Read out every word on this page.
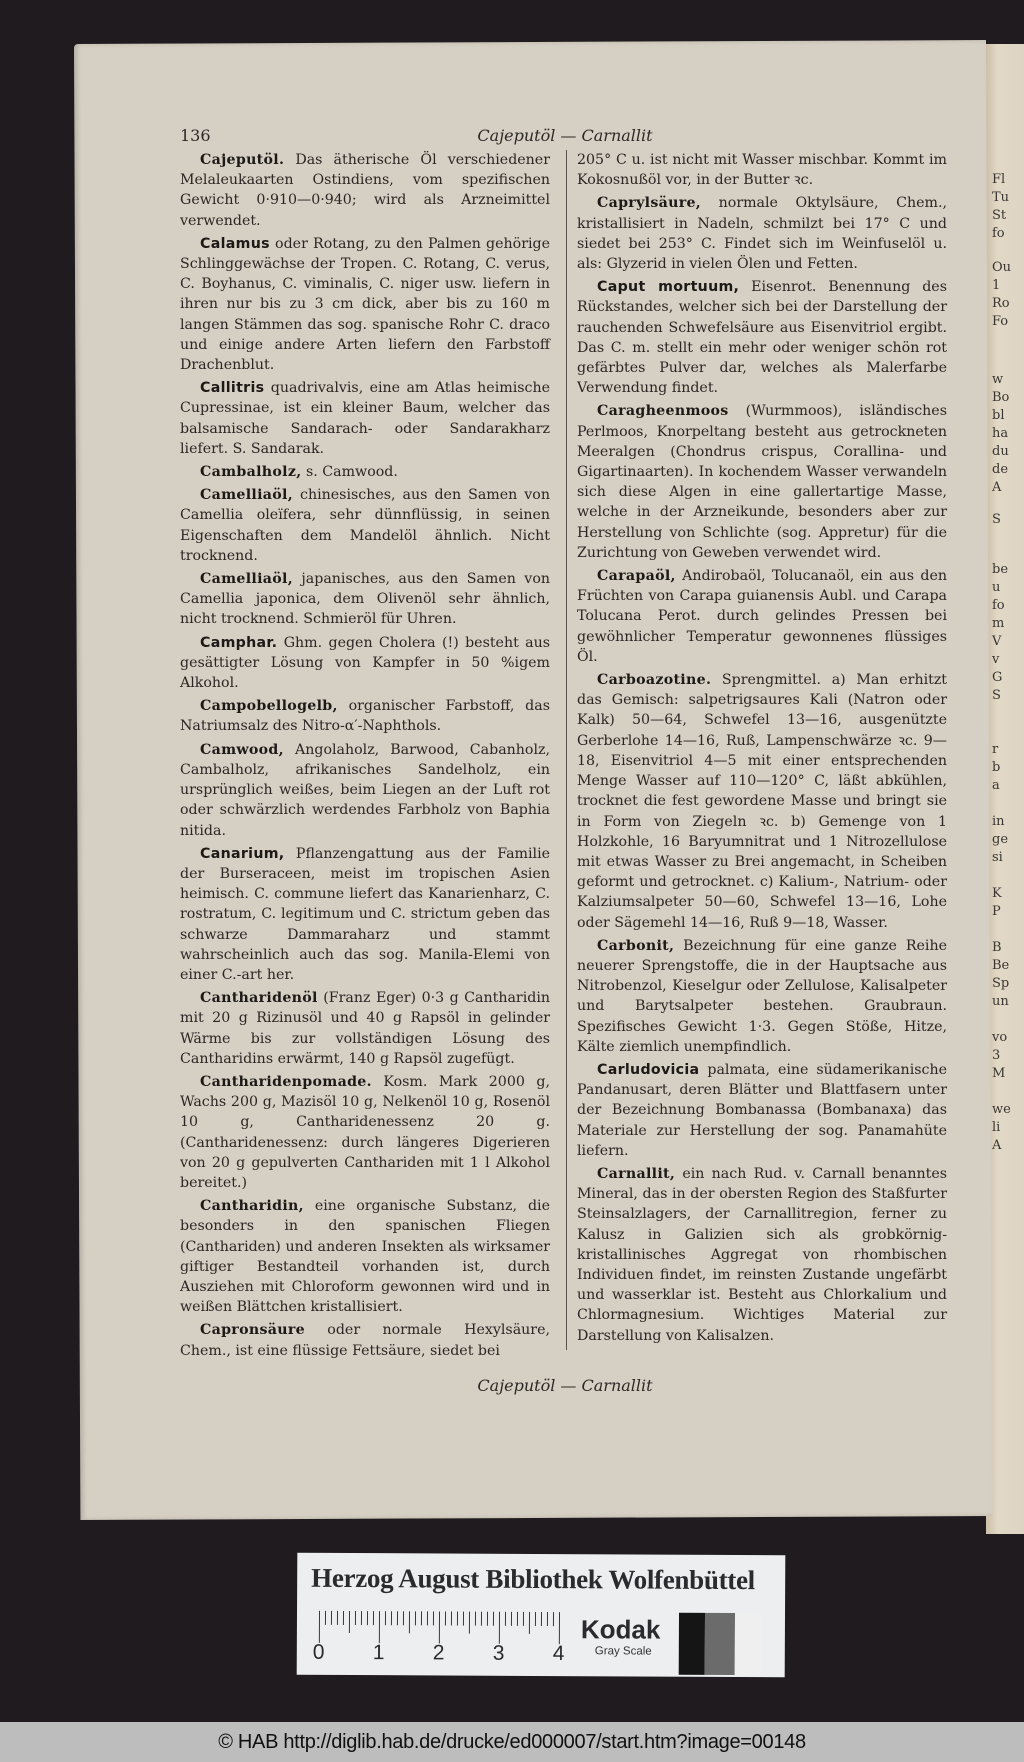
Fl
Tu
St
fo
Ou
1
Ro
Fo
w
Bo
bl
ha
du
de
A
S
be
u
fo
m
V
v
G
S
r
b
a
in
ge
si
K
P
B
Be
Sp
un
vo
3
M
we
li
A
136	Cajeputöl — Carnallit

Cajeputöl. Das ätherische Öl verschiedener Melaleukaarten Ostindiens, vom spezifischen Gewicht 0·910—0·940; wird als Arzneimittel verwendet.

Calamus oder Rotang, zu den Palmen gehörige Schlinggewächse der Tropen. C. Rotang, C. verus, C. Boyhanus, C. viminalis, C. niger usw. liefern in ihren nur bis zu 3 cm dick, aber bis zu 160 m langen Stämmen das sog. spanische Rohr C. draco und einige andere Arten liefern den Farbstoff Drachenblut.

Callitris quadrivalvis, eine am Atlas heimische Cupressinae, ist ein kleiner Baum, welcher das balsamische Sandarach- oder Sandarakharz liefert. S. Sandarak.

Cambalholz, s. Camwood.

Camelliaöl, chinesisches, aus den Samen von Camellia oleïfera, sehr dünnflüssig, in seinen Eigenschaften dem Mandelöl ähnlich. Nicht trocknend.

Camelliaöl, japanisches, aus den Samen von Camellia japonica, dem Olivenöl sehr ähnlich, nicht trocknend. Schmieröl für Uhren.

Camphar. Ghm. gegen Cholera (!) besteht aus gesättigter Lösung von Kampfer in 50 %igem Alkohol.

Campobellogelb, organischer Farbstoff, das Natriumsalz des Nitro-α′-Naphthols.

Camwood, Angolaholz, Barwood, Cabanholz, Cambalholz, afrikanisches Sandelholz, ein ursprünglich weißes, beim Liegen an der Luft rot oder schwärzlich werdendes Farbholz von Baphia nitida.

Canarium, Pflanzengattung aus der Familie der Burseraceen, meist im tropischen Asien heimisch. C. commune liefert das Kanarienharz, C. rostratum, C. legitimum und C. strictum geben das schwarze Dammaraharz und stammt wahrscheinlich auch das sog. Manila-Elemi von einer C.-art her.

Cantharidenöl (Franz Eger) 0·3 g Cantharidin mit 20 g Rizinusöl und 40 g Rapsöl in gelinder Wärme bis zur vollständigen Lösung des Cantharidins erwärmt, 140 g Rapsöl zugefügt.

Cantharidenpomade. Kosm. Mark 2000 g, Wachs 200 g, Mazisöl 10 g, Nelkenöl 10 g, Rosenöl 10 g, Cantharidenessenz 20 g. (Cantharidenessenz: durch längeres Digerieren von 20 g gepulverten Canthariden mit 1 l Alkohol bereitet.)

Cantharidin, eine organische Substanz, die besonders in den spanischen Fliegen (Canthariden) und anderen Insekten als wirksamer giftiger Bestandteil vorhanden ist, durch Ausziehen mit Chloroform gewonnen wird und in weißen Blättchen kristallisiert.

Capronsäure oder normale Hexylsäure, Chem., ist eine flüssige Fettsäure, siedet bei

205° C u. ist nicht mit Wasser mischbar. Kommt im Kokosnußöl vor, in der Butter ꝛc.

Caprylsäure, normale Oktylsäure, Chem., kristallisiert in Nadeln, schmilzt bei 17° C und siedet bei 253° C. Findet sich im Weinfuselöl u. als: Glyzerid in vielen Ölen und Fetten.

Caput mortuum, Eisenrot. Benennung des Rückstandes, welcher sich bei der Darstellung der rauchenden Schwefelsäure aus Eisenvitriol ergibt. Das C. m. stellt ein mehr oder weniger schön rot gefärbtes Pulver dar, welches als Malerfarbe Verwendung findet.

Caragheenmoos (Wurmmoos), isländisches Perlmoos, Knorpeltang besteht aus getrockneten Meeralgen (Chondrus crispus, Corallina- und Gigartinaarten). In kochendem Wasser verwandeln sich diese Algen in eine gallertartige Masse, welche in der Arzneikunde, besonders aber zur Herstellung von Schlichte (sog. Appretur) für die Zurichtung von Geweben verwendet wird.

Carapaöl, Andirobaöl, Tolucanaöl, ein aus den Früchten von Carapa guianensis Aubl. und Carapa Tolucana Perot. durch gelindes Pressen bei gewöhnlicher Temperatur gewonnenes flüssiges Öl.

Carboazotine. Sprengmittel. a) Man erhitzt das Gemisch: salpetrigsaures Kali (Natron oder Kalk) 50—64, Schwefel 13—16, ausgenützte Gerberlohe 14—16, Ruß, Lampenschwärze ꝛc. 9—18, Eisenvitriol 4—5 mit einer entsprechenden Menge Wasser auf 110—120° C, läßt abkühlen, trocknet die fest gewordene Masse und bringt sie in Form von Ziegeln ꝛc. b) Gemenge von 1 Holzkohle, 16 Baryumnitrat und 1 Nitrozellulose mit etwas Wasser zu Brei angemacht, in Scheiben geformt und getrocknet. c) Kalium-, Natrium- oder Kalziumsalpeter 50—60, Schwefel 13—16, Lohe oder Sägemehl 14—16, Ruß 9—18, Wasser.

Carbonit, Bezeichnung für eine ganze Reihe neuerer Sprengstoffe, die in der Hauptsache aus Nitrobenzol, Kieselgur oder Zellulose, Kalisalpeter und Barytsalpeter bestehen. Graubraun. Spezifisches Gewicht 1·3. Gegen Stöße, Hitze, Kälte ziemlich unempfindlich.

Carludovicia palmata, eine südamerikanische Pandanusart, deren Blätter und Blattfasern unter der Bezeichnung Bombanassa (Bombanaxa) das Materiale zur Herstellung der sog. Panamahüte liefern.

Carnallit, ein nach Rud. v. Carnall benanntes Mineral, das in der obersten Region des Staßfurter Steinsalzlagers, der Carnallitregion, ferner zu Kalusz in Galizien sich als grobkörnig-kristallinisches Aggregat von rhombischen Individuen findet, im reinsten Zustande ungefärbt und wasserklar ist. Besteht aus Chlorkalium und Chlormagnesium. Wichtiges Material zur Darstellung von Kalisalzen.

Cajeputöl — Carnallit
Herzog August Bibliothek Wolfenbüttel
0 1 2 3 4
Kodak
Gray Scale
© HAB http://diglib.hab.de/drucke/ed000007/start.htm?image=00148
